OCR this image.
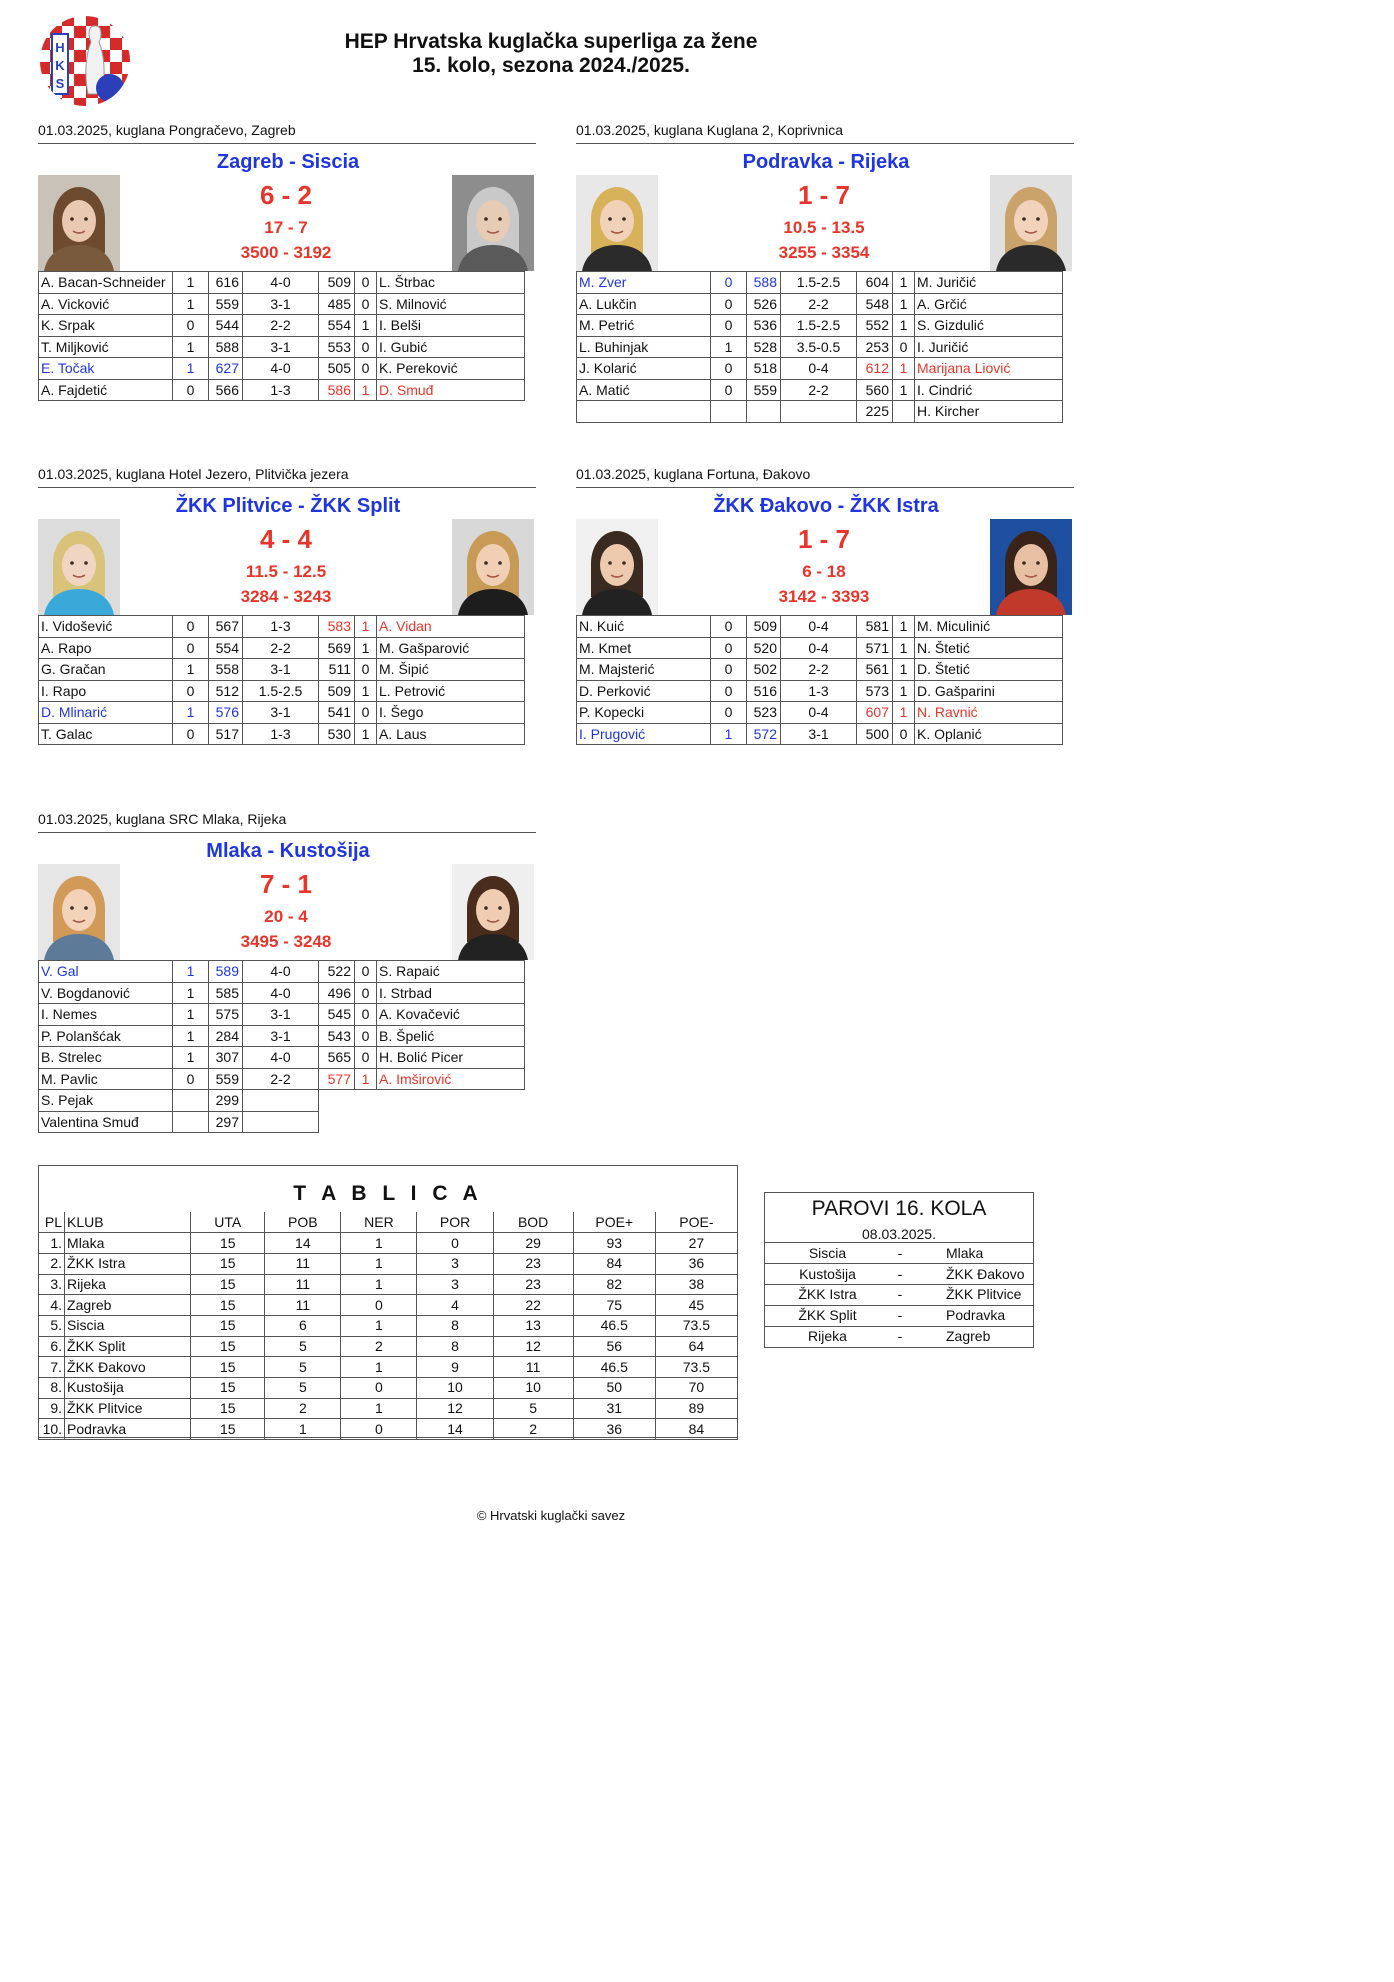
H
K
S
HEP Hrvatska kuglačka superliga za žene
15. kolo, sezona 2024./2025.
01.03.2025, kuglana Pongračevo, Zagreb
Zagreb - Siscia
6 - 2
17 - 7
3500 - 3192
A. Bacan-Schneider	1	616	4-0	509	0	L. Štrbac
A. Vicković	1	559	3-1	485	0	S. Milnović
K. Srpak	0	544	2-2	554	1	I. Belši
T. Miljković	1	588	3-1	553	0	I. Gubić
E. Točak	1	627	4-0	505	0	K. Pereković
A. Fajdetić	0	566	1-3	586	1	D. Smuđ
01.03.2025, kuglana Kuglana 2, Koprivnica
Podravka - Rijeka
1 - 7
10.5 - 13.5
3255 - 3354
M. Zver	0	588	1.5-2.5	604	1	M. Juričić
A. Lukčin	0	526	2-2	548	1	A. Grčić
M. Petrić	0	536	1.5-2.5	552	1	S. Gizdulić
L. Buhinjak	1	528	3.5-0.5	253	0	I. Juričić
J. Kolarić	0	518	0-4	612	1	Marijana Liović
A. Matić	0	559	2-2	560	1	I. Cindrić
				225		H. Kircher
01.03.2025, kuglana Hotel Jezero, Plitvička jezera
ŽKK Plitvice - ŽKK Split
4 - 4
11.5 - 12.5
3284 - 3243
I. Vidošević	0	567	1-3	583	1	A. Vidan
A. Rapo	0	554	2-2	569	1	M. Gašparović
G. Gračan	1	558	3-1	511	0	M. Šipić
I. Rapo	0	512	1.5-2.5	509	1	L. Petrović
D. Mlinarić	1	576	3-1	541	0	I. Šego
T. Galac	0	517	1-3	530	1	A. Laus
01.03.2025, kuglana Fortuna, Đakovo
ŽKK Đakovo - ŽKK Istra
1 - 7
6 - 18
3142 - 3393
N. Kuić	0	509	0-4	581	1	M. Miculinić
M. Kmet	0	520	0-4	571	1	N. Štetić
M. Majsterić	0	502	2-2	561	1	D. Štetić
D. Perković	0	516	1-3	573	1	D. Gašparini
P. Kopecki	0	523	0-4	607	1	N. Ravnić
I. Prugović	1	572	3-1	500	0	K. Oplanić
01.03.2025, kuglana SRC Mlaka, Rijeka
Mlaka - Kustošija
7 - 1
20 - 4
3495 - 3248
V. Gal	1	589	4-0	522	0	S. Rapaić
V. Bogdanović	1	585	4-0	496	0	I. Strbad
I. Nemes	1	575	3-1	545	0	A. Kovačević
P. Polanšćak	1	284	3-1	543	0	B. Špelić
B. Strelec	1	307	4-0	565	0	H. Bolić Picer
M. Pavlic	0	559	2-2	577	1	A. Imširović
S. Pejak		299				
Valentina Smuđ		297				
T A B L I C A
PL	KLUB	UTA	POB	NER	POR	BOD	POE+	POE-
1.	Mlaka	15	14	1	0	29	93	27
2.	ŽKK Istra	15	11	1	3	23	84	36
3.	Rijeka	15	11	1	3	23	82	38
4.	Zagreb	15	11	0	4	22	75	45
5.	Siscia	15	6	1	8	13	46.5	73.5
6.	ŽKK Split	15	5	2	8	12	56	64
7.	ŽKK Đakovo	15	5	1	9	11	46.5	73.5
8.	Kustošija	15	5	0	10	10	50	70
9.	ŽKK Plitvice	15	2	1	12	5	31	89
10.	Podravka	15	1	0	14	2	36	84
PAROVI 16. KOLA
08.03.2025.
Siscia	-	Mlaka
Kustošija	-	ŽKK Đakovo
ŽKK Istra	-	ŽKK Plitvice
ŽKK Split	-	Podravka
Rijeka	-	Zagreb
© Hrvatski kuglački savez
